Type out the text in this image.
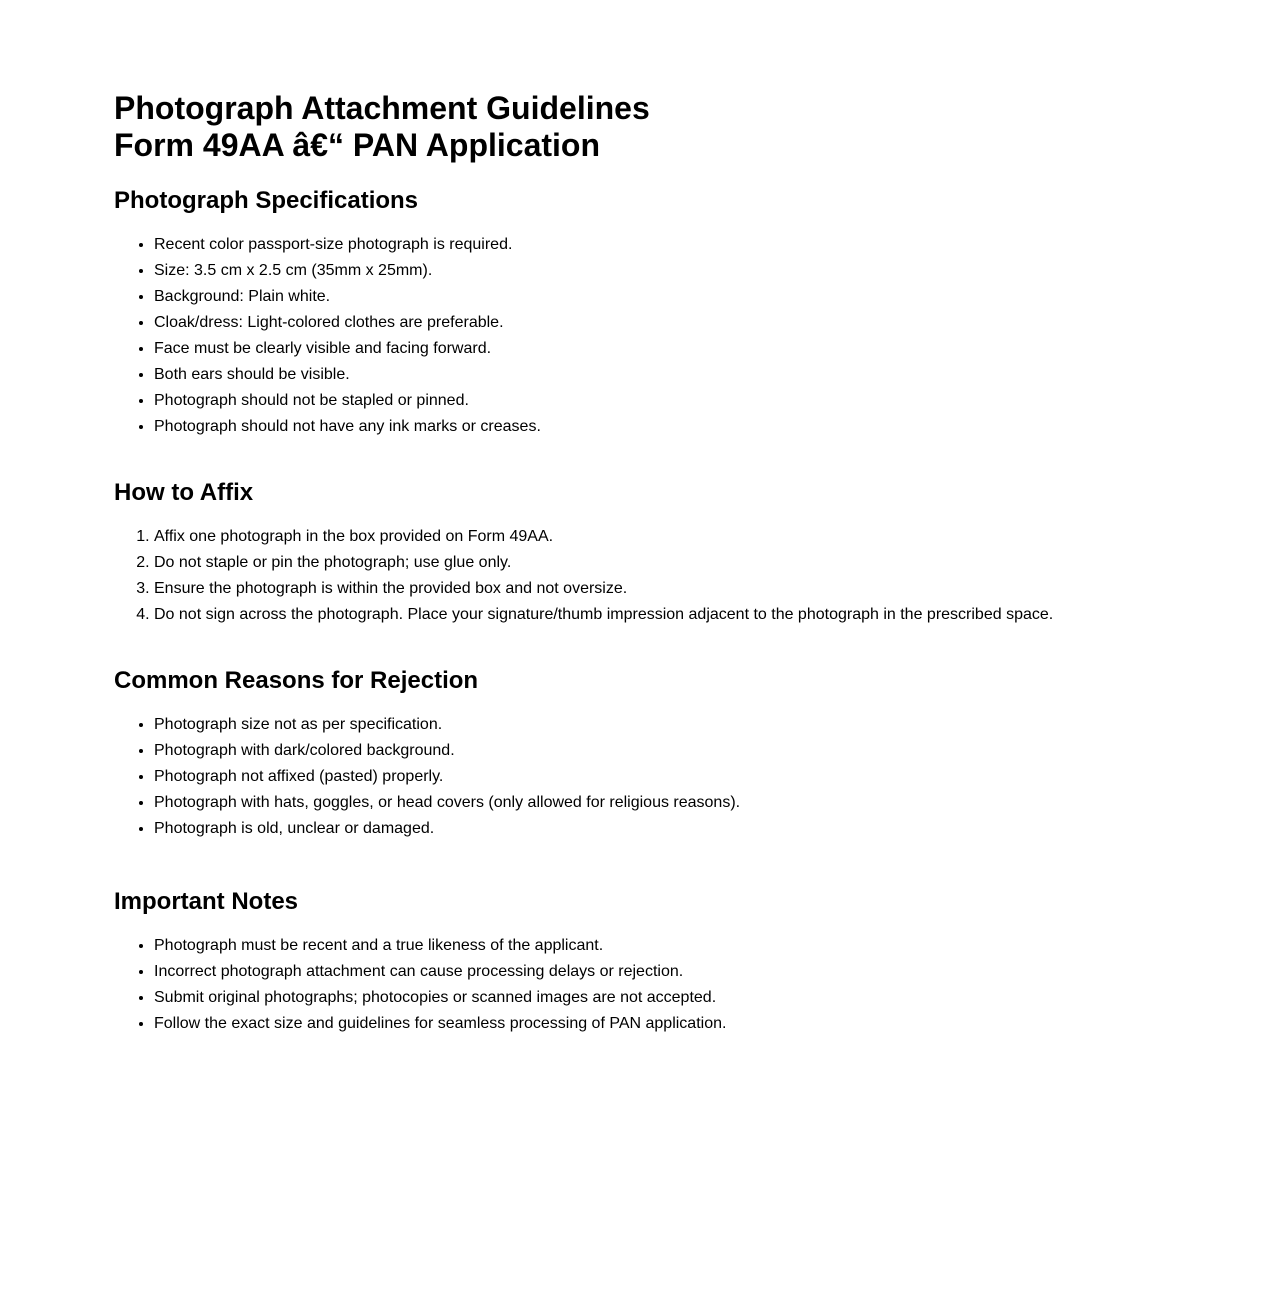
Photograph Attachment Guidelines
Form 49AA â€“ PAN Application
Photograph Specifications
• Recent color passport-size photograph is required.
• Size: 3.5 cm x 2.5 cm (35mm x 25mm).
• Background: Plain white.
• Cloak/dress: Light-colored clothes are preferable.
• Face must be clearly visible and facing forward.
• Both ears should be visible.
• Photograph should not be stapled or pinned.
• Photograph should not have any ink marks or creases.
How to Affix
1. Affix one photograph in the box provided on Form 49AA.
2. Do not staple or pin the photograph; use glue only.
3. Ensure the photograph is within the provided box and not oversize.
4. Do not sign across the photograph. Place your signature/thumb impression adjacent to the photograph in the prescribed space.
Common Reasons for Rejection
• Photograph size not as per specification.
• Photograph with dark/colored background.
• Photograph not affixed (pasted) properly.
• Photograph with hats, goggles, or head covers (only allowed for religious reasons).
• Photograph is old, unclear or damaged.
Important Notes
• Photograph must be recent and a true likeness of the applicant.
• Incorrect photograph attachment can cause processing delays or rejection.
• Submit original photographs; photocopies or scanned images are not accepted.
• Follow the exact size and guidelines for seamless processing of PAN application.
